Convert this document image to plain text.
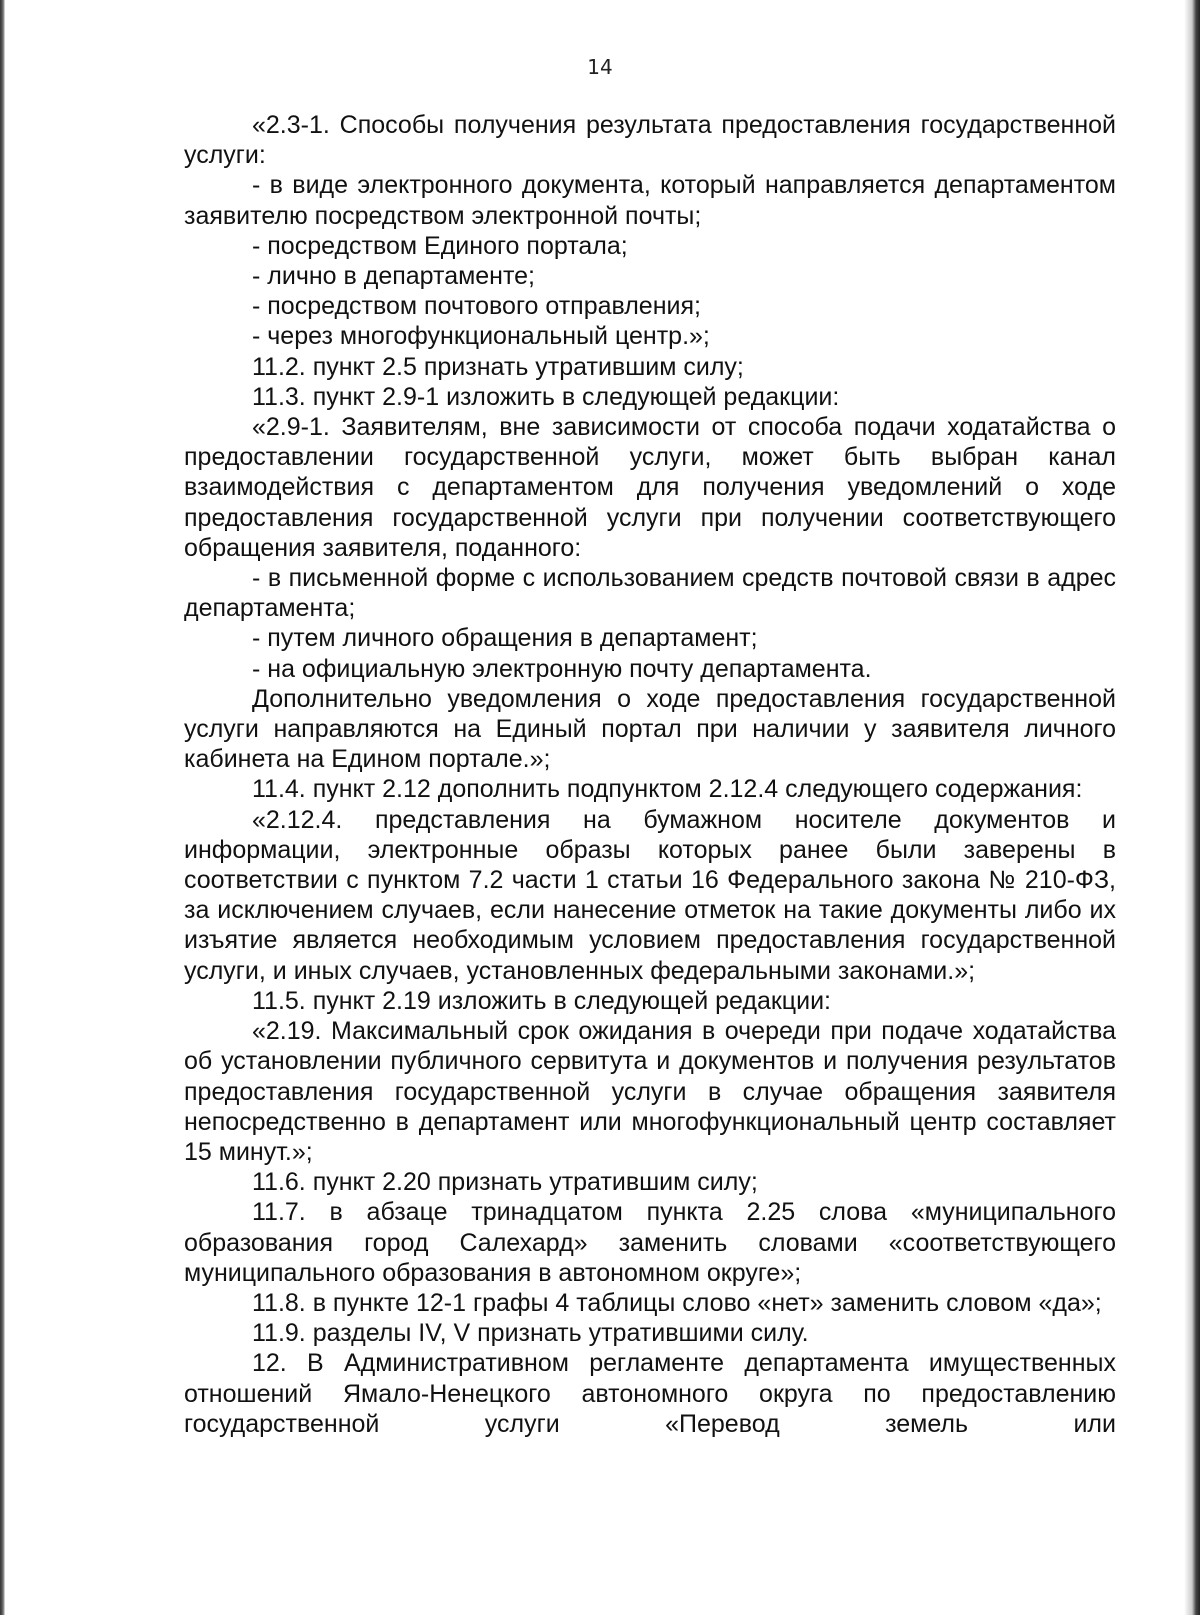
14

«2.3-1. Способы получения результата предоставления государственной услуги:

- в виде электронного документа, который направляется департаментом заявителю посредством электронной почты;

- посредством Единого портала;

- лично в департаменте;

- посредством почтового отправления;

- через многофункциональный центр.»;

11.2. пункт 2.5 признать утратившим силу;

11.3. пункт 2.9-1 изложить в следующей редакции:

«2.9-1. Заявителям, вне зависимости от способа подачи ходатайства о предоставлении государственной услуги, может быть выбран канал взаимодействия с департаментом для получения уведомлений о ходе предоставления государственной услуги при получении соответствующего обращения заявителя, поданного:

- в письменной форме с использованием средств почтовой связи в адрес департамента;

- путем личного обращения в департамент;

- на официальную электронную почту департамента.

Дополнительно уведомления о ходе предоставления государственной услуги направляются на Единый портал при наличии у заявителя личного кабинета на Едином портале.»;

11.4. пункт 2.12 дополнить подпунктом 2.12.4 следующего содержания:

«2.12.4. представления на бумажном носителе документов и информации, электронные образы которых ранее были заверены в соответствии с пунктом 7.2 части 1 статьи 16 Федерального закона № 210-ФЗ, за исключением случаев, если нанесение отметок на такие документы либо их изъятие является необходимым условием предоставления государственной услуги, и иных случаев, установленных федеральными законами.»;

11.5. пункт 2.19 изложить в следующей редакции:

«2.19. Максимальный срок ожидания в очереди при подаче ходатайства об установлении публичного сервитута и документов и получения результатов предоставления государственной услуги в случае обращения заявителя непосредственно в департамент или многофункциональный центр составляет 15 минут.»;

11.6. пункт 2.20 признать утратившим силу;

11.7. в абзаце тринадцатом пункта 2.25 слова «муниципального образования город Салехард» заменить словами «соответствующего муниципального образования в автономном округе»;

11.8. в пункте 12-1 графы 4 таблицы слово «нет» заменить словом «да»;

11.9. разделы IV, V признать утратившими силу.

12. В Административном регламенте департамента имущественных отношений Ямало-Ненецкого автономного округа по предоставлению государственной услуги «Перевод земель или
